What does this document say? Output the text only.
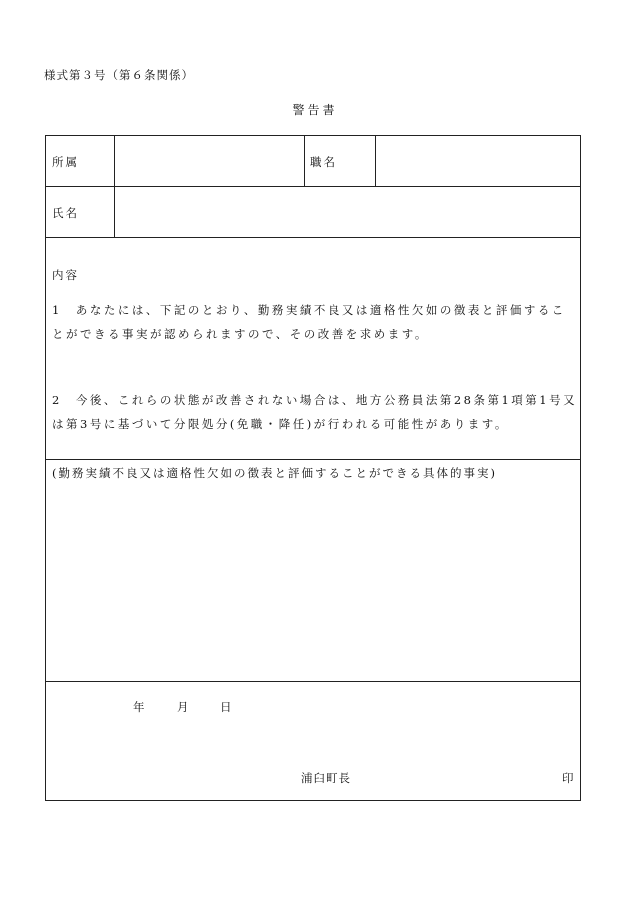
様式第３号（第６条関係）
警告書
所属	職名
氏名
内容
1　あなたには、下記のとおり、勤務実績不良又は適格性欠如の徴表と評価することができる事実が認められますので、その改善を求めます。
2　今後、これらの状態が改善されない場合は、地方公務員法第28条第1項第1号又は第3号に基づいて分限処分(免職・降任)が行われる可能性があります。
(勤務実績不良又は適格性欠如の徴表と評価することができる具体的事実)
年	月	日
浦臼町長	印
